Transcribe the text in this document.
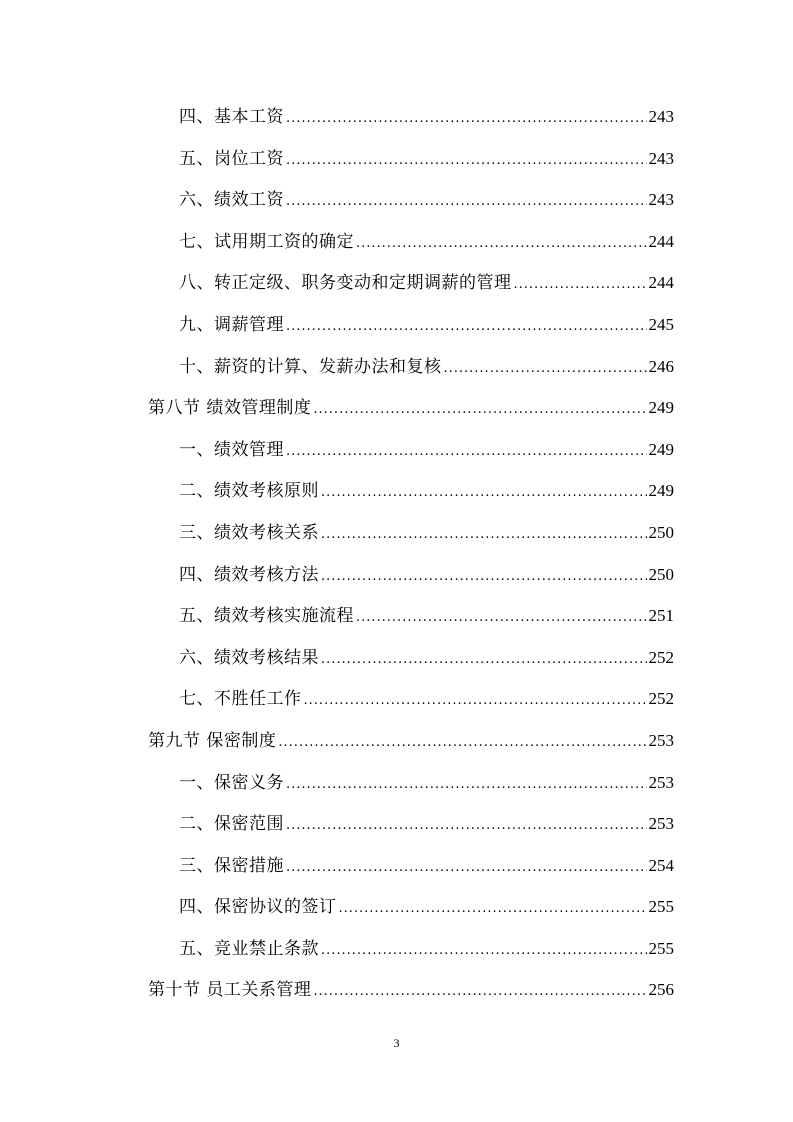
四、基本工资 .....	243
五、岗位工资 .....	243
六、绩效工资 .....	243
七、试用期工资的确定 .....	244
八、转正定级、职务变动和定期调薪的管理 .....	244
九、调薪管理 .....	245
十、薪资的计算、发薪办法和复核 .....	246
第八节 绩效管理制度 .....	249
一、绩效管理 .....	249
二、绩效考核原则 .....	249
三、绩效考核关系 .....	250
四、绩效考核方法 .....	250
五、绩效考核实施流程 .....	251
六、绩效考核结果 .....	252
七、不胜任工作 .....	252
第九节 保密制度 .....	253
一、保密义务 .....	253
二、保密范围 .....	253
三、保密措施 .....	254
四、保密协议的签订 .....	255
五、竞业禁止条款 .....	255
第十节 员工关系管理 .....	256
3
